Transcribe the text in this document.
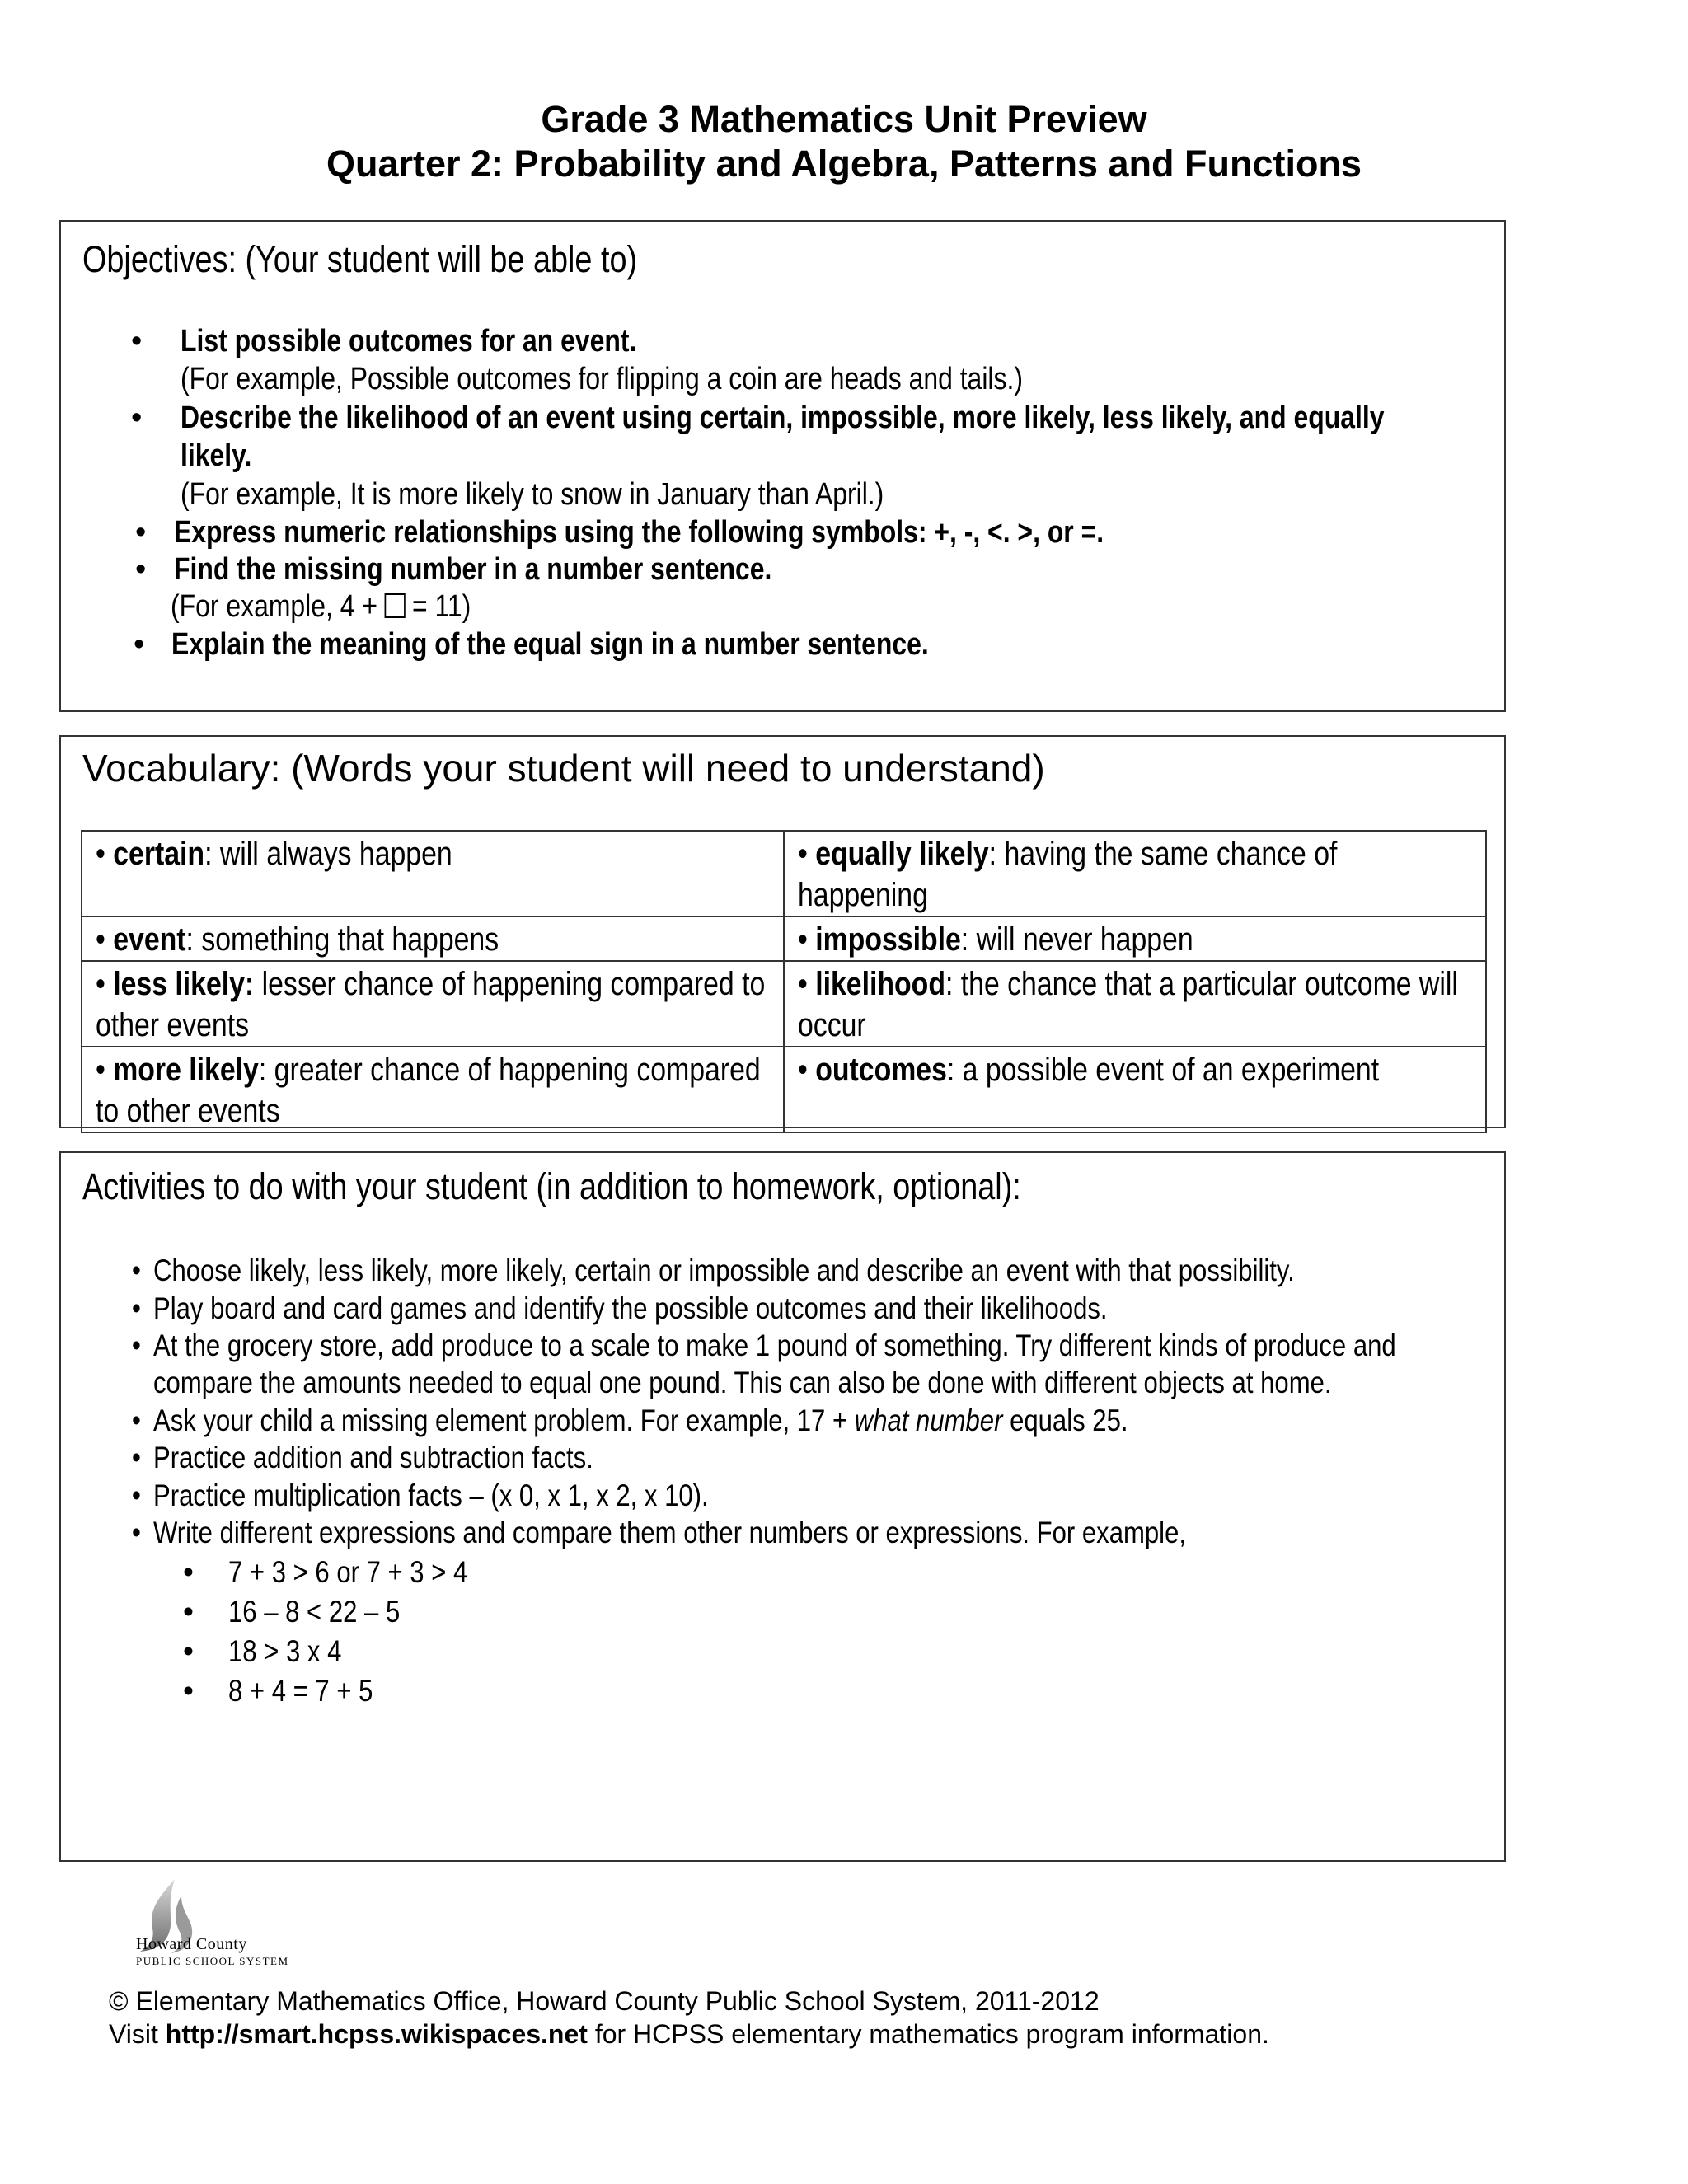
Grade 3 Mathematics Unit Preview
Quarter 2: Probability and Algebra, Patterns and Functions
Objectives: (Your student will be able to)
• List possible outcomes for an event.
(For example, Possible outcomes for flipping a coin are heads and tails.)
• Describe the likelihood of an event using certain, impossible, more likely, less likely, and equally
likely.
(For example, It is more likely to snow in January than April.)
• Express numeric relationships using the following symbols: +, -, <. >, or =.
• Find the missing number in a number sentence.
(For example, 4 + = 11)
• Explain the meaning of the equal sign in a number sentence.
Vocabulary: (Words your student will need to understand)
• certain: will always happen	• equally likely: having the same chance of happening

• event: something that happens	• impossible: will never happen

• less likely: lesser chance of happening compared to other events	• likelihood: the chance that a particular outcome will occur

• more likely: greater chance of happening compared to other events	• outcomes: a possible event of an experiment
Activities to do with your student (in addition to homework, optional):
• Choose likely, less likely, more likely, certain or impossible and describe an event with that possibility.
• Play board and card games and identify the possible outcomes and their likelihoods.
• At the grocery store, add produce to a scale to make 1 pound of something. Try different kinds of produce and
compare the amounts needed to equal one pound. This can also be done with different objects at home.
• Ask your child a missing element problem. For example, 17 + what number equals 25.
• Practice addition and subtraction facts.
• Practice multiplication facts – (x 0, x 1, x 2, x 10).
• Write different expressions and compare them other numbers or expressions. For example,
• 7 + 3 > 6 or 7 + 3 > 4
• 16 – 8 < 22 – 5
• 18 > 3 x 4
• 8 + 4 = 7 + 5
Howard County
PUBLIC SCHOOL SYSTEM
© Elementary Mathematics Office, Howard County Public School System, 2011-2012
Visit http://smart.hcpss.wikispaces.net for HCPSS elementary mathematics program information.
